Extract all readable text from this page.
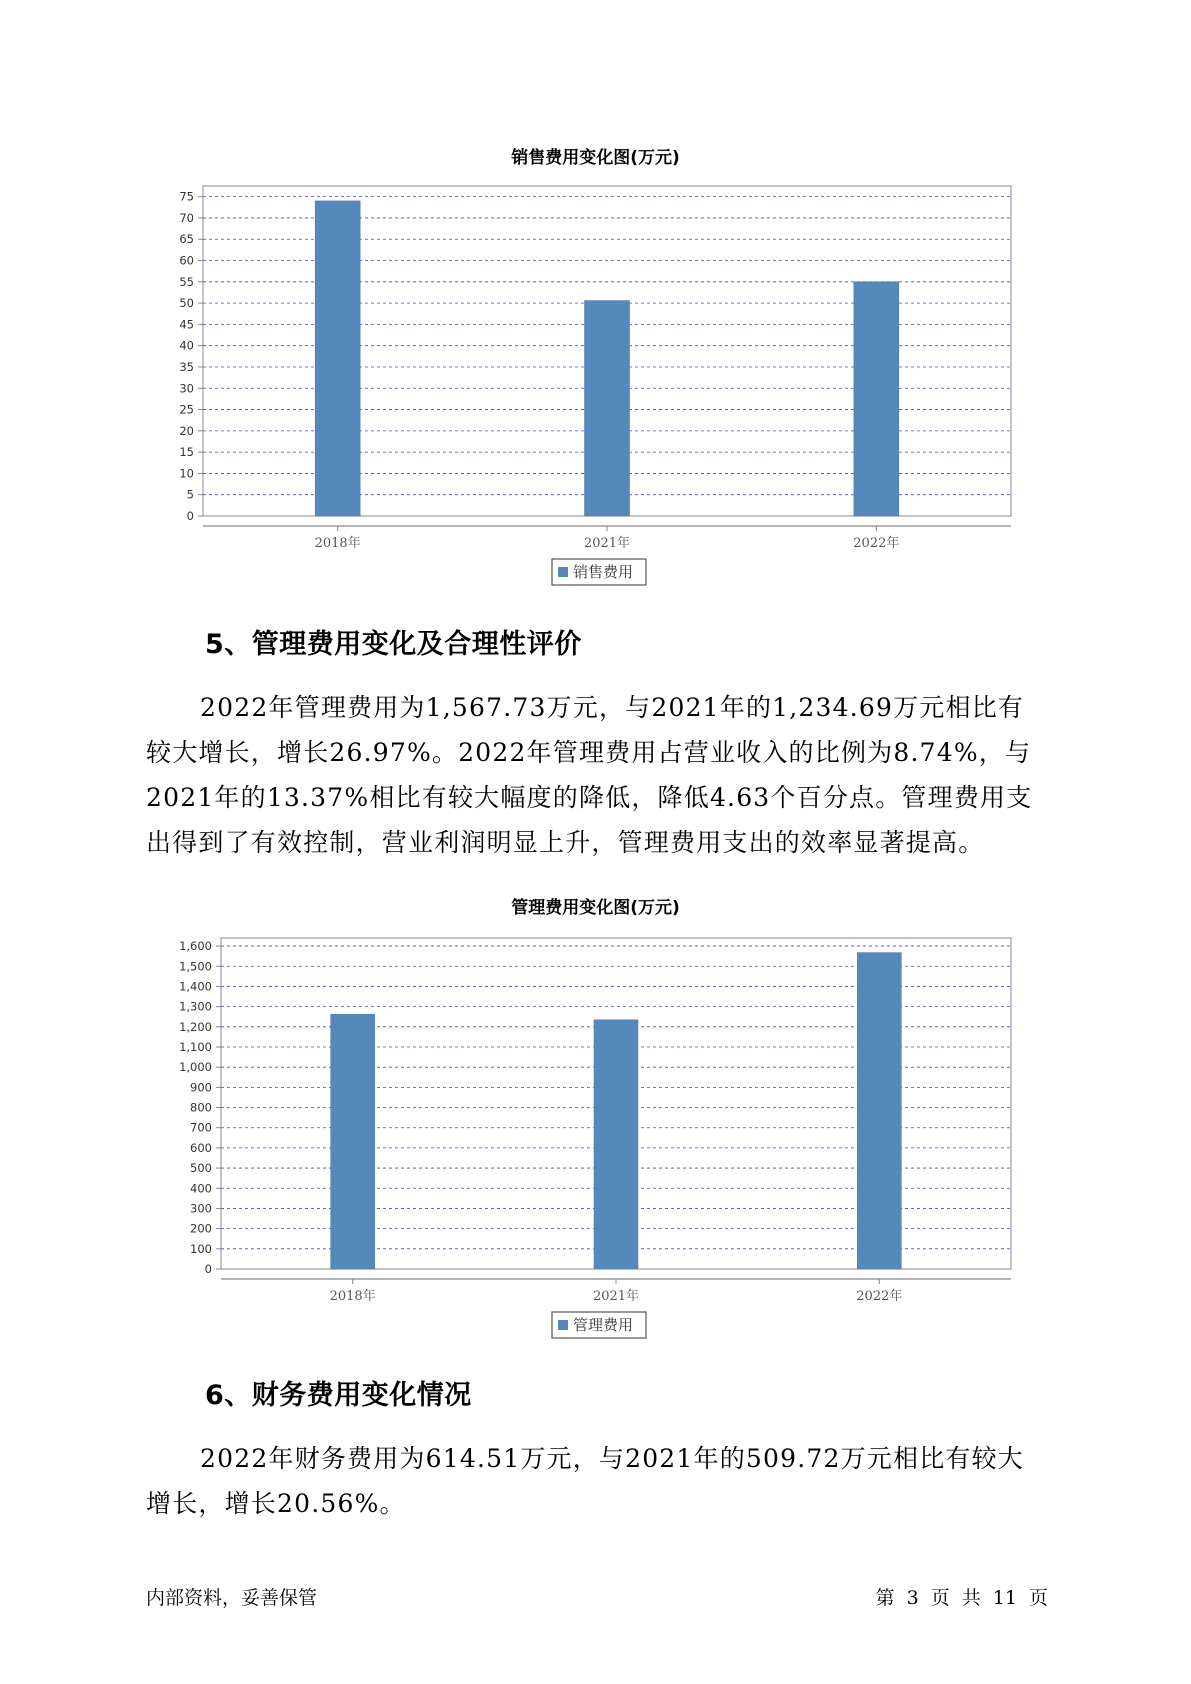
销售费用变化图(万元)
0
5
10
15
20
25
30
35
40
45
50
55
60
65
70
75
2018年	2021年	2022年
销售费用
5、管理费用变化及合理性评价

2022年管理费用为1,567.73万元，与2021年的1,234.69万元相比有较大增长，增长26.97%。2022年管理费用占营业收入的比例为8.74%，与2021年的13.37%相比有较大幅度的降低，降低4.63个百分点。管理费用支出得到了有效控制，营业利润明显上升，管理费用支出的效率显著提高。

管理费用变化图(万元)
0
100
200
300
400
500
600
700
800
900
1,000
1,100
1,200
1,300
1,400
1,500
1,600
2018年	2021年	2022年
管理费用
6、财务费用变化情况

2022年财务费用为614.51万元，与2021年的509.72万元相比有较大增长，增长20.56%。

内部资料，妥善保管	第 3 页 共 11 页
